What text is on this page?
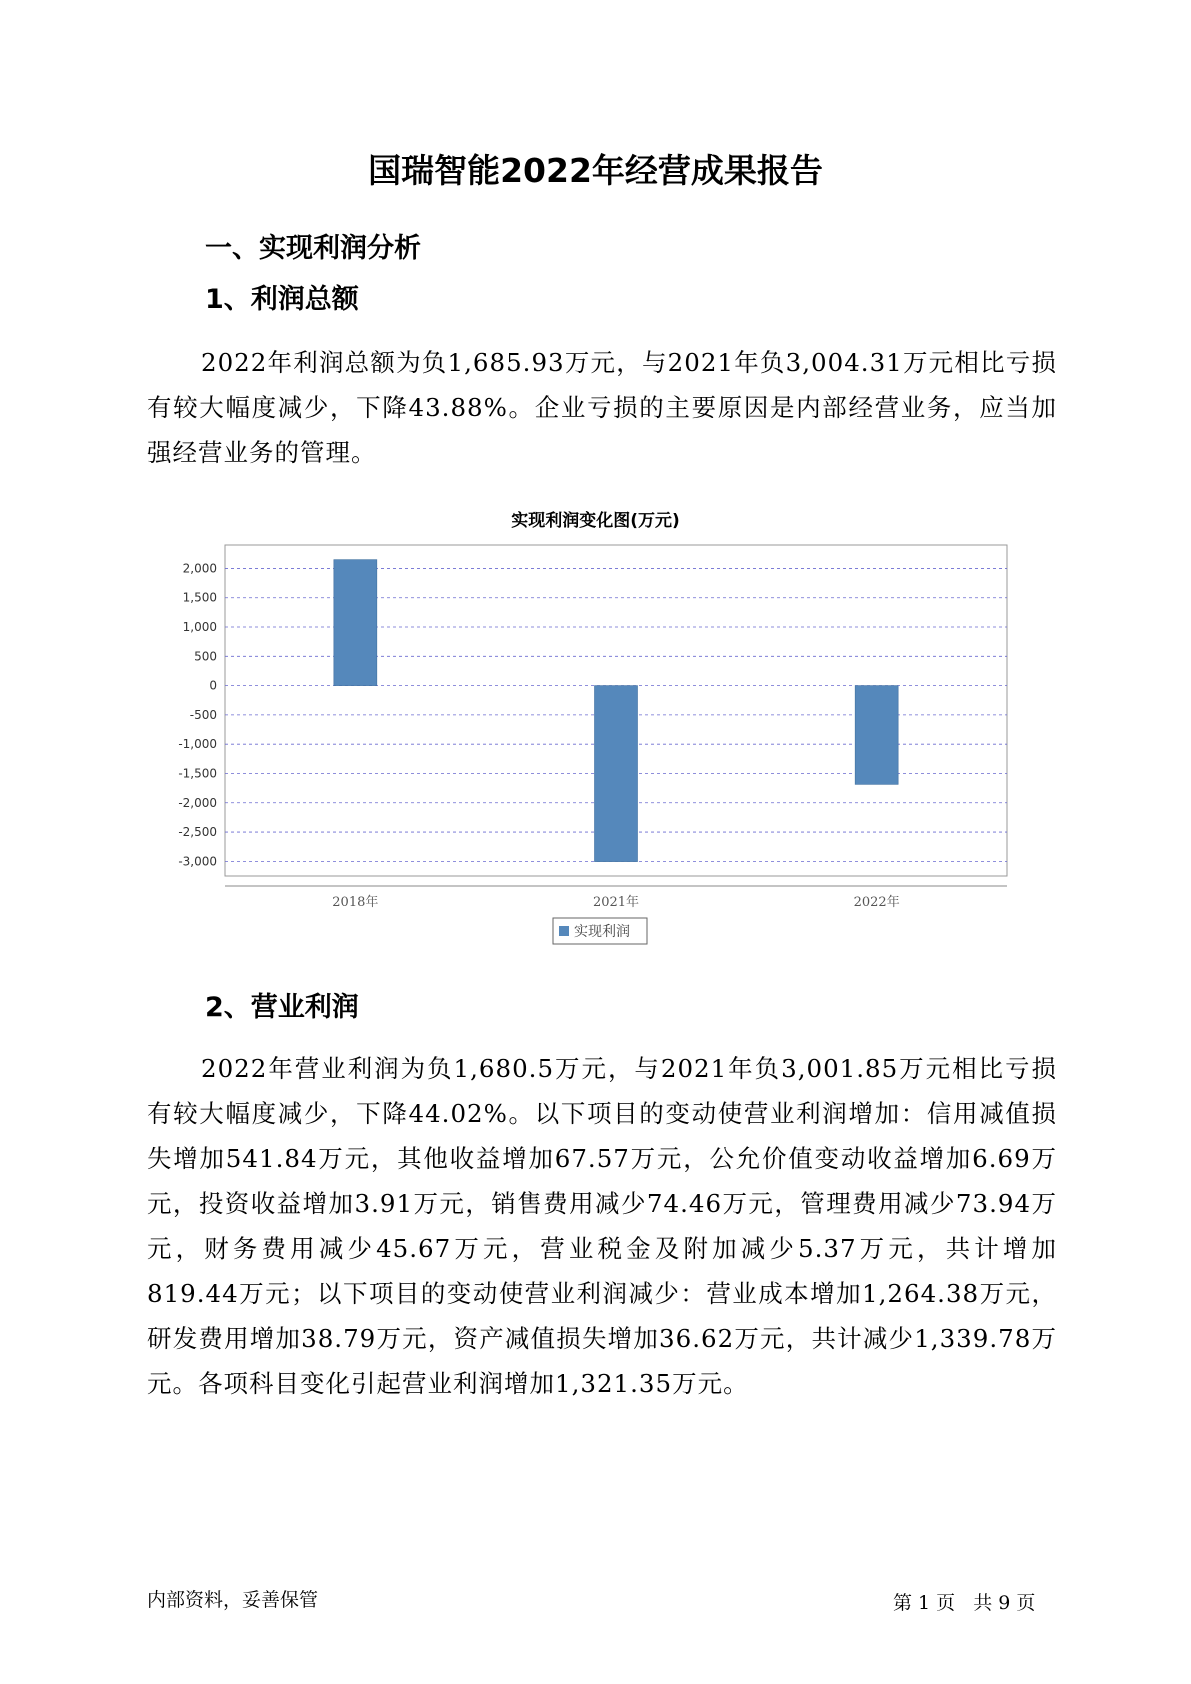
国瑞智能2022年经营成果报告
一、实现利润分析
1、利润总额
2022年利润总额为负1,685.93万元，与2021年负3,004.31万元相比亏损有较大幅度减少，下降43.88%。企业亏损的主要原因是内部经营业务，应当加强经营业务的管理。
实现利润变化图(万元)
2,000
1,500
1,000
500
0
-500
-1,000
-1,500
-2,000
-2,500
-3,000
2018年	2021年	2022年
实现利润
2、营业利润
2022年营业利润为负1,680.5万元，与2021年负3,001.85万元相比亏损有较大幅度减少，下降44.02%。以下项目的变动使营业利润增加：信用减值损失增加541.84万元，其他收益增加67.57万元，公允价值变动收益增加6.69万元，投资收益增加3.91万元，销售费用减少74.46万元，管理费用减少73.94万元，财务费用减少45.67万元，营业税金及附加减少5.37万元，共计增加819.44万元；以下项目的变动使营业利润减少：营业成本增加1,264.38万元，研发费用增加38.79万元，资产减值损失增加36.62万元，共计减少1,339.78万元。各项科目变化引起营业利润增加1,321.35万元。
内部资料，妥善保管	第 1 页 共 9 页
